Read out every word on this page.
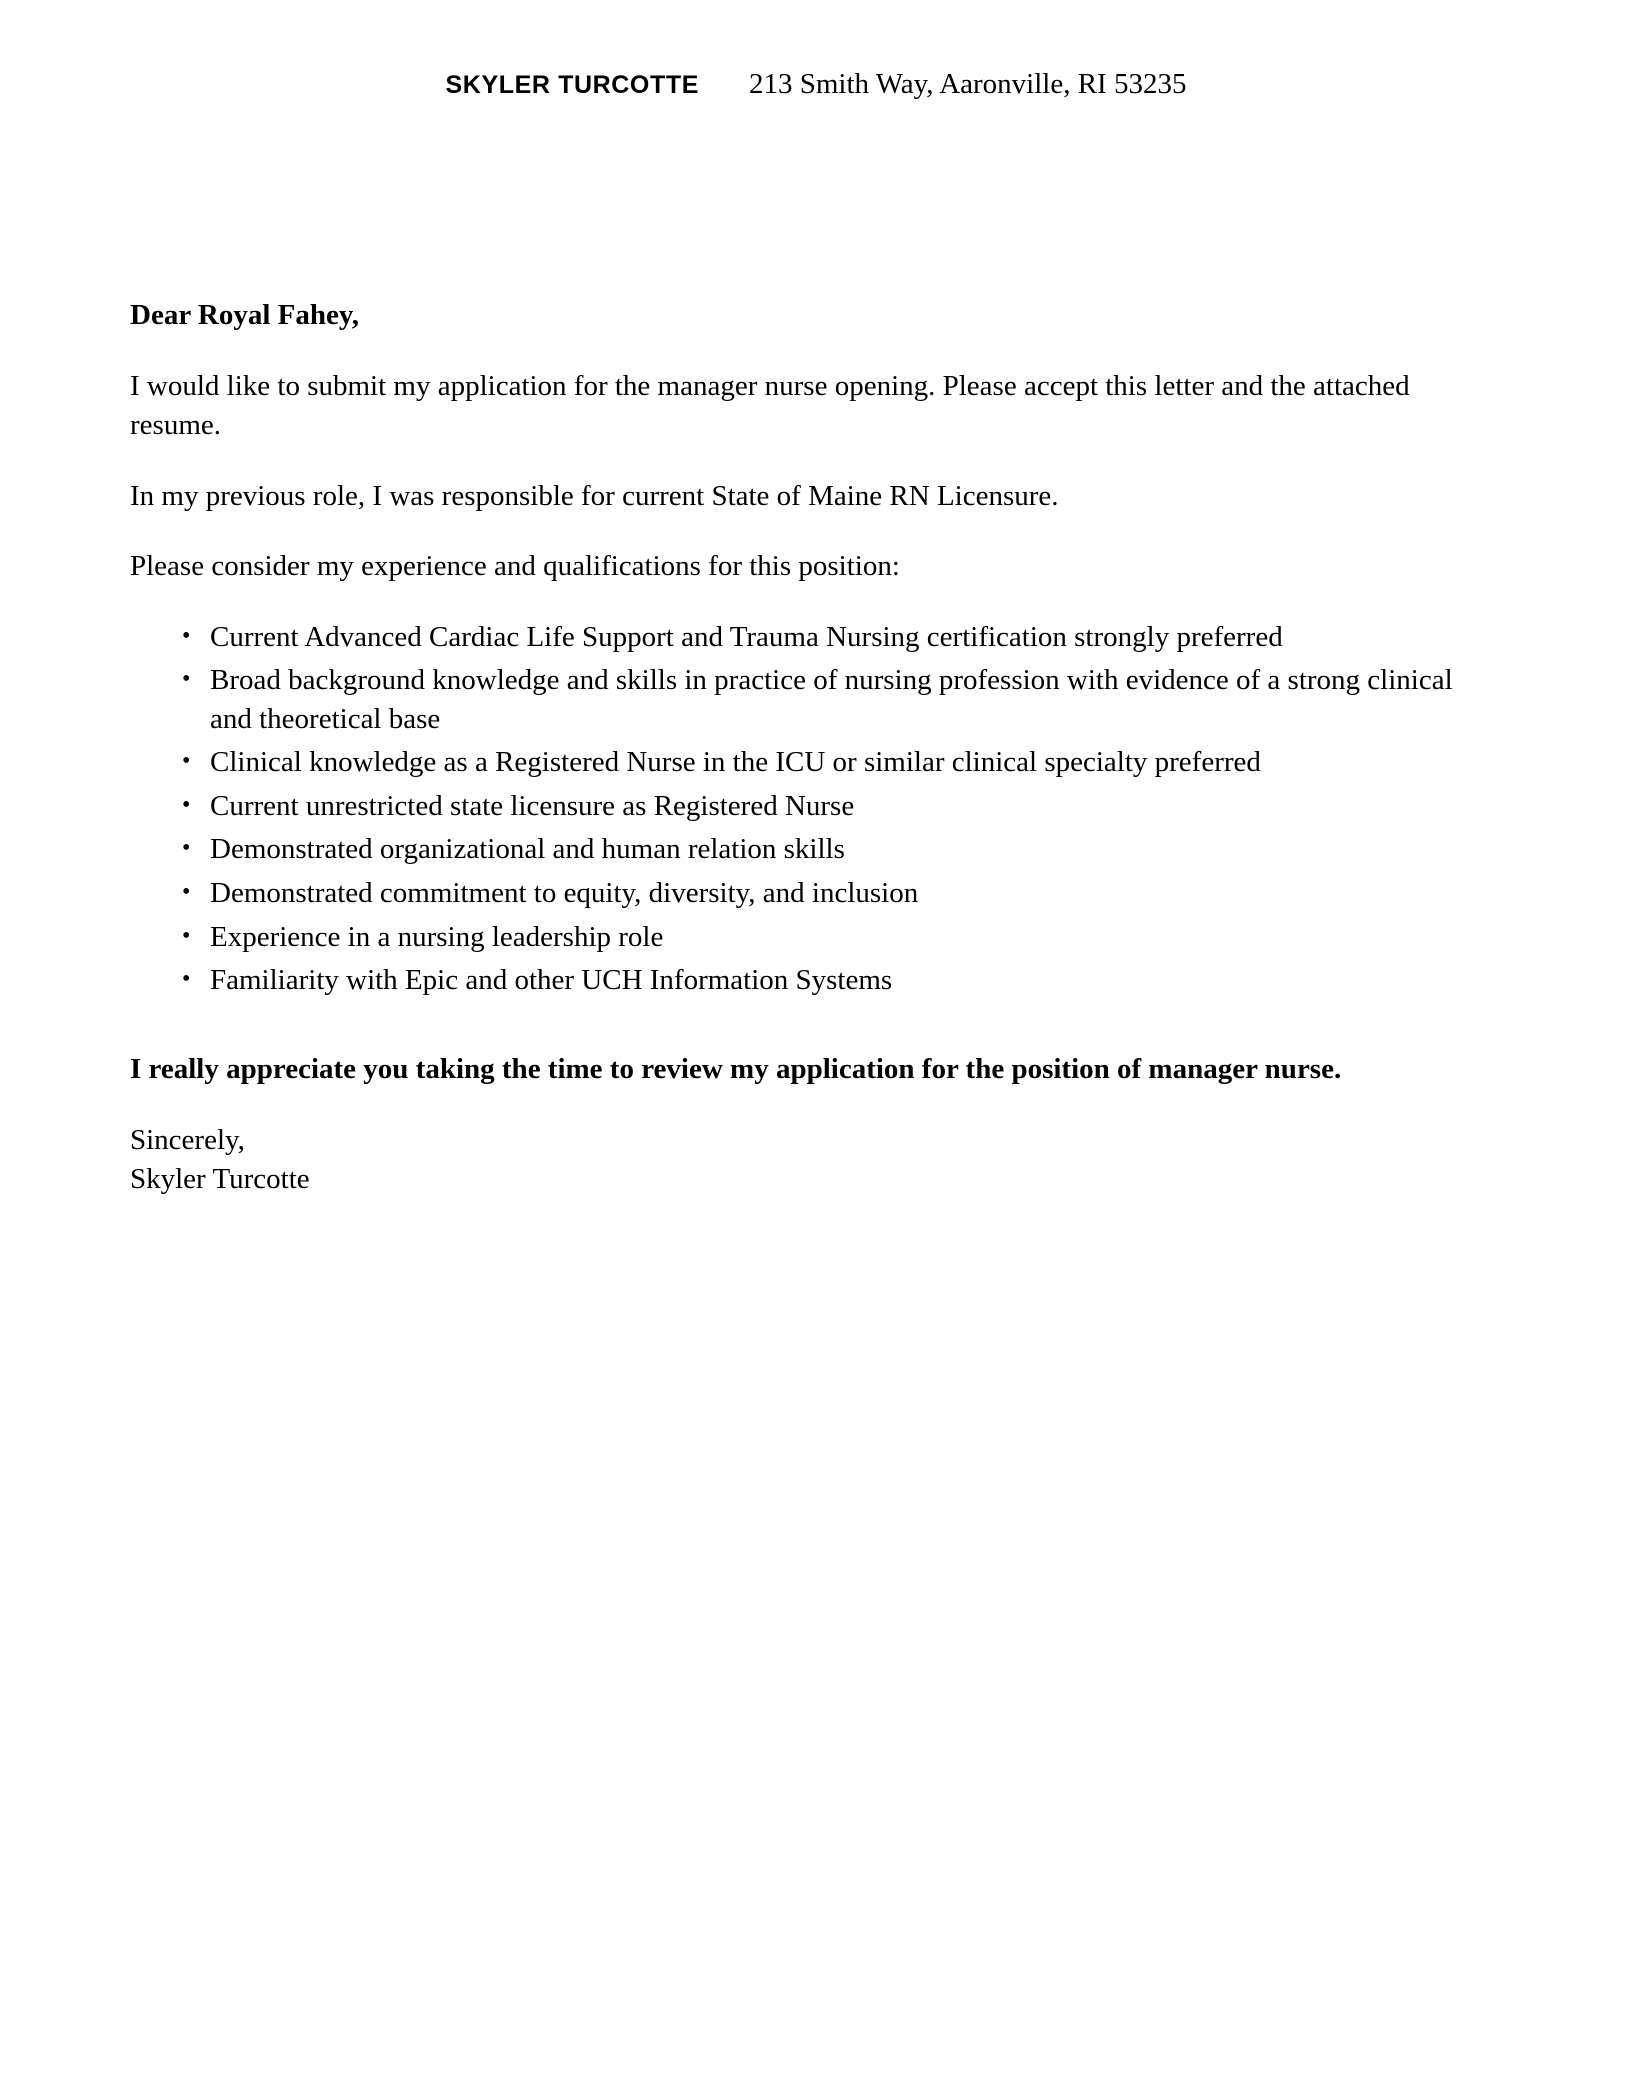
SKYLER TURCOTTE 213 Smith Way, Aaronville, RI 53235

Dear Royal Fahey,

I would like to submit my application for the manager nurse opening. Please accept this letter and the attached resume.

In my previous role, I was responsible for current State of Maine RN Licensure.

Please consider my experience and qualifications for this position:

• Current Advanced Cardiac Life Support and Trauma Nursing certification strongly preferred
• Broad background knowledge and skills in practice of nursing profession with evidence of a strong clinical and theoretical base
• Clinical knowledge as a Registered Nurse in the ICU or similar clinical specialty preferred
• Current unrestricted state licensure as Registered Nurse
• Demonstrated organizational and human relation skills
• Demonstrated commitment to equity, diversity, and inclusion
• Experience in a nursing leadership role
• Familiarity with Epic and other UCH Information Systems

I really appreciate you taking the time to review my application for the position of manager nurse.

Sincerely,
Skyler Turcotte
